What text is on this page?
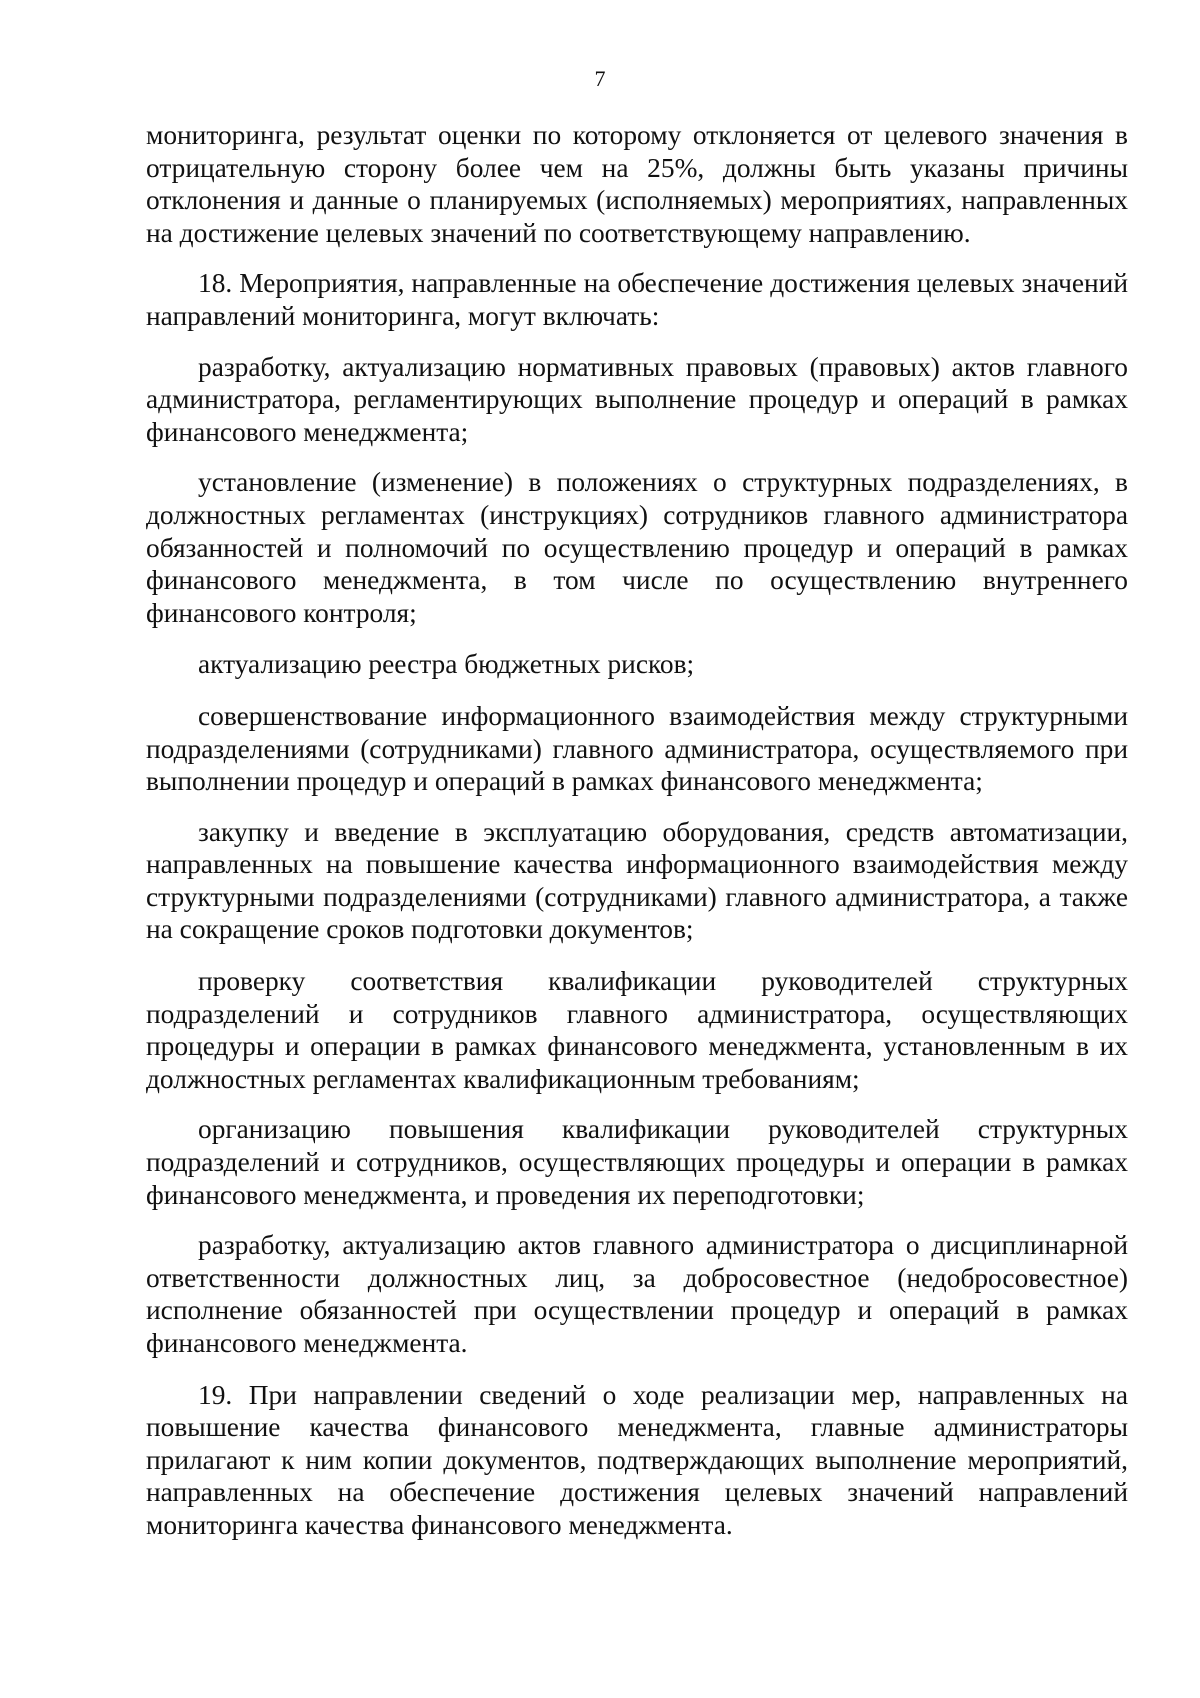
7

мониторинга, результат оценки по которому отклоняется от целевого значения в отрицательную сторону более чем на 25%, должны быть указаны причины отклонения и данные о планируемых (исполняемых) мероприятиях, направленных на достижение целевых значений по соответствующему направлению.

18. Мероприятия, направленные на обеспечение достижения целевых значений направлений мониторинга, могут включать:

разработку, актуализацию нормативных правовых (правовых) актов главного администратора, регламентирующих выполнение процедур и операций в рамках финансового менеджмента;

установление (изменение) в положениях о структурных подразделениях, в должностных регламентах (инструкциях) сотрудников главного администратора обязанностей и полномочий по осуществлению процедур и операций в рамках финансового менеджмента, в том числе по осуществлению внутреннего финансового контроля;

актуализацию реестра бюджетных рисков;

совершенствование информационного взаимодействия между структурными подразделениями (сотрудниками) главного администратора, осуществляемого при выполнении процедур и операций в рамках финансового менеджмента;

закупку и введение в эксплуатацию оборудования, средств автоматизации, направленных на повышение качества информационного взаимодействия между структурными подразделениями (сотрудниками) главного администратора, а также на сокращение сроков подготовки документов;

проверку соответствия квалификации руководителей структурных подразделений и сотрудников главного администратора, осуществляющих процедуры и операции в рамках финансового менеджмента, установленным в их должностных регламентах квалификационным требованиям;

организацию повышения квалификации руководителей структурных подразделений и сотрудников, осуществляющих процедуры и операции в рамках финансового менеджмента, и проведения их переподготовки;

разработку, актуализацию актов главного администратора о дисциплинарной ответственности должностных лиц, за добросовестное (недобросовестное) исполнение обязанностей при осуществлении процедур и операций в рамках финансового менеджмента.

19. При направлении сведений о ходе реализации мер, направленных на повышение качества финансового менеджмента, главные администраторы прилагают к ним копии документов, подтверждающих выполнение мероприятий, направленных на обеспечение достижения целевых значений направлений мониторинга качества финансового менеджмента.
